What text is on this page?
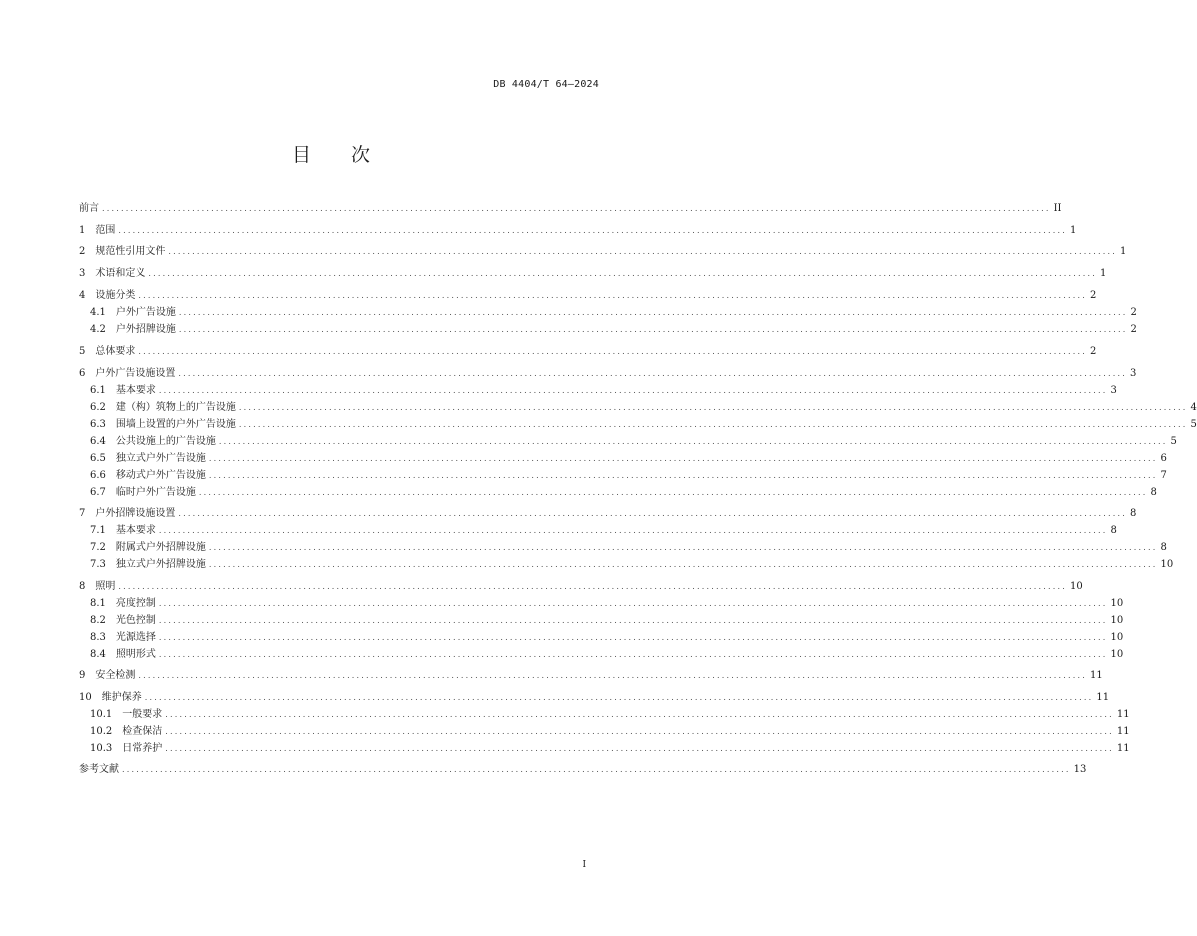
DB 4404/T 64—2024
目次
前言 ........................................................................................................................................................................................................ II
1 范围 ........................................................................................................................................................................................................ 1
2 规范性引用文件 ........................................................................................................................................................................................................ 1
3 术语和定义 ........................................................................................................................................................................................................ 1
4 设施分类 ........................................................................................................................................................................................................ 2
4.1 户外广告设施 ........................................................................................................................................................................................................ 2
4.2 户外招牌设施 ........................................................................................................................................................................................................ 2
5 总体要求 ........................................................................................................................................................................................................ 2
6 户外广告设施设置 ........................................................................................................................................................................................................ 3
6.1 基本要求 ........................................................................................................................................................................................................ 3
6.2 建（构）筑物上的广告设施 ........................................................................................................................................................................................................ 4
6.3 围墙上设置的户外广告设施 ........................................................................................................................................................................................................ 5
6.4 公共设施上的广告设施 ........................................................................................................................................................................................................ 5
6.5 独立式户外广告设施 ........................................................................................................................................................................................................ 6
6.6 移动式户外广告设施 ........................................................................................................................................................................................................ 7
6.7 临时户外广告设施 ........................................................................................................................................................................................................ 8
7 户外招牌设施设置 ........................................................................................................................................................................................................ 8
7.1 基本要求 ........................................................................................................................................................................................................ 8
7.2 附属式户外招牌设施 ........................................................................................................................................................................................................ 8
7.3 独立式户外招牌设施 ........................................................................................................................................................................................................ 10
8 照明 ........................................................................................................................................................................................................ 10
8.1 亮度控制 ........................................................................................................................................................................................................ 10
8.2 光色控制 ........................................................................................................................................................................................................ 10
8.3 光源选择 ........................................................................................................................................................................................................ 10
8.4 照明形式 ........................................................................................................................................................................................................ 10
9 安全检测 ........................................................................................................................................................................................................ 11
10 维护保养 ........................................................................................................................................................................................................ 11
10.1 一般要求 ........................................................................................................................................................................................................ 11
10.2 检查保洁 ........................................................................................................................................................................................................ 11
10.3 日常养护 ........................................................................................................................................................................................................ 11
参考文献 ........................................................................................................................................................................................................ 13
I
